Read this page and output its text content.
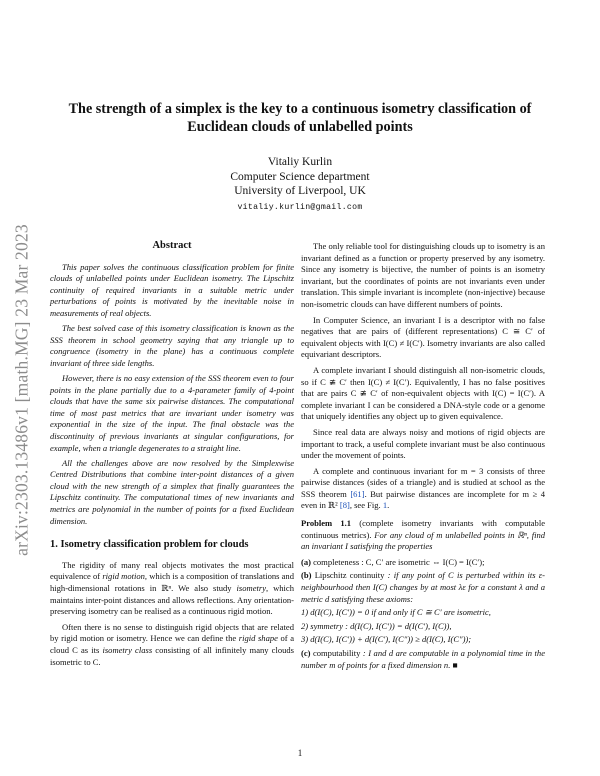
arXiv:2303.13486v1 [math.MG] 23 Mar 2023
The strength of a simplex is the key to a continuous isometry classification of
Euclidean clouds of unlabelled points
Vitaliy Kurlin
Computer Science department
University of Liverpool, UK
vitaliy.kurlin@gmail.com
Abstract

This paper solves the continuous classification problem for finite clouds of unlabelled points under Euclidean isometry. The Lipschitz continuity of required invariants in a suitable metric under perturbations of points is motivated by the inevitable noise in measurements of real objects.

The best solved case of this isometry classification is known as the SSS theorem in school geometry saying that any triangle up to congruence (isometry in the plane) has a continuous complete invariant of three side lengths.

However, there is no easy extension of the SSS theorem even to four points in the plane partially due to a 4-parameter family of 4-point clouds that have the same six pairwise distances. The computational time of most past metrics that are invariant under isometry was exponential in the size of the input. The final obstacle was the discontinuity of previous invariants at singular configurations, for example, when a triangle degenerates to a straight line.

All the challenges above are now resolved by the Simplexwise Centred Distributions that combine inter-point distances of a given cloud with the new strength of a simplex that finally guarantees the Lipschitz continuity. The computational times of new invariants and metrics are polynomial in the number of points for a fixed Euclidean dimension.

1. Isometry classification problem for clouds

The rigidity of many real objects motivates the most practical equivalence of rigid motion, which is a composition of translations and high-dimensional rotations in ℝⁿ. We also study isometry, which maintains inter-point distances and allows reflections. Any orientation-preserving isometry can be realised as a continuous rigid motion.

Often there is no sense to distinguish rigid objects that are related by rigid motion or isometry. Hence we can define the rigid shape of a cloud C as its isometry class consisting of all infinitely many clouds isometric to C.

The only reliable tool for distinguishing clouds up to isometry is an invariant defined as a function or property preserved by any isometry. Since any isometry is bijective, the number of points is an isometry invariant, but the coordinates of points are not invariants even under translation. This simple invariant is incomplete (non-injective) because non-isometric clouds can have different numbers of points.

In Computer Science, an invariant I is a descriptor with no false negatives that are pairs of (different representations) C ≅ C′ of equivalent objects with I(C) ≠ I(C′). Isometry invariants are also called equivariant descriptors.

A complete invariant I should distinguish all non-isometric clouds, so if C ≇ C′ then I(C) ≠ I(C′). Equivalently, I has no false positives that are pairs C ≇ C′ of non-equivalent objects with I(C) = I(C′). A complete invariant I can be considered a DNA-style code or a genome that uniquely identifies any object up to given equivalence.

Since real data are always noisy and motions of rigid objects are important to track, a useful complete invariant must be also continuous under the movement of points.

A complete and continuous invariant for m = 3 consists of three pairwise distances (sides of a triangle) and is studied at school as the SSS theorem [61]. But pairwise distances are incomplete for m ≥ 4 even in ℝ² [8], see Fig. 1.

Problem 1.1 (complete isometry invariants with computable continuous metrics). For any cloud of m unlabelled points in ℝⁿ, find an invariant I satisfying the properties

(a) completeness : C, C′ are isometric ⇔ I(C) = I(C′);
(b) Lipschitz continuity : if any point of C is perturbed within its ε-neighbourhood then I(C) changes by at most λε for a constant λ and a metric d satisfying these axioms:
1) d(I(C), I(C′)) = 0 if and only if C ≅ C′ are isometric,
2) symmetry : d(I(C), I(C′)) = d(I(C′), I(C)),
3) d(I(C), I(C′)) + d(I(C′), I(C″)) ≥ d(I(C), I(C″));
(c) computability : I and d are computable in a polynomial time in the number m of points for a fixed dimension n. ■
1
